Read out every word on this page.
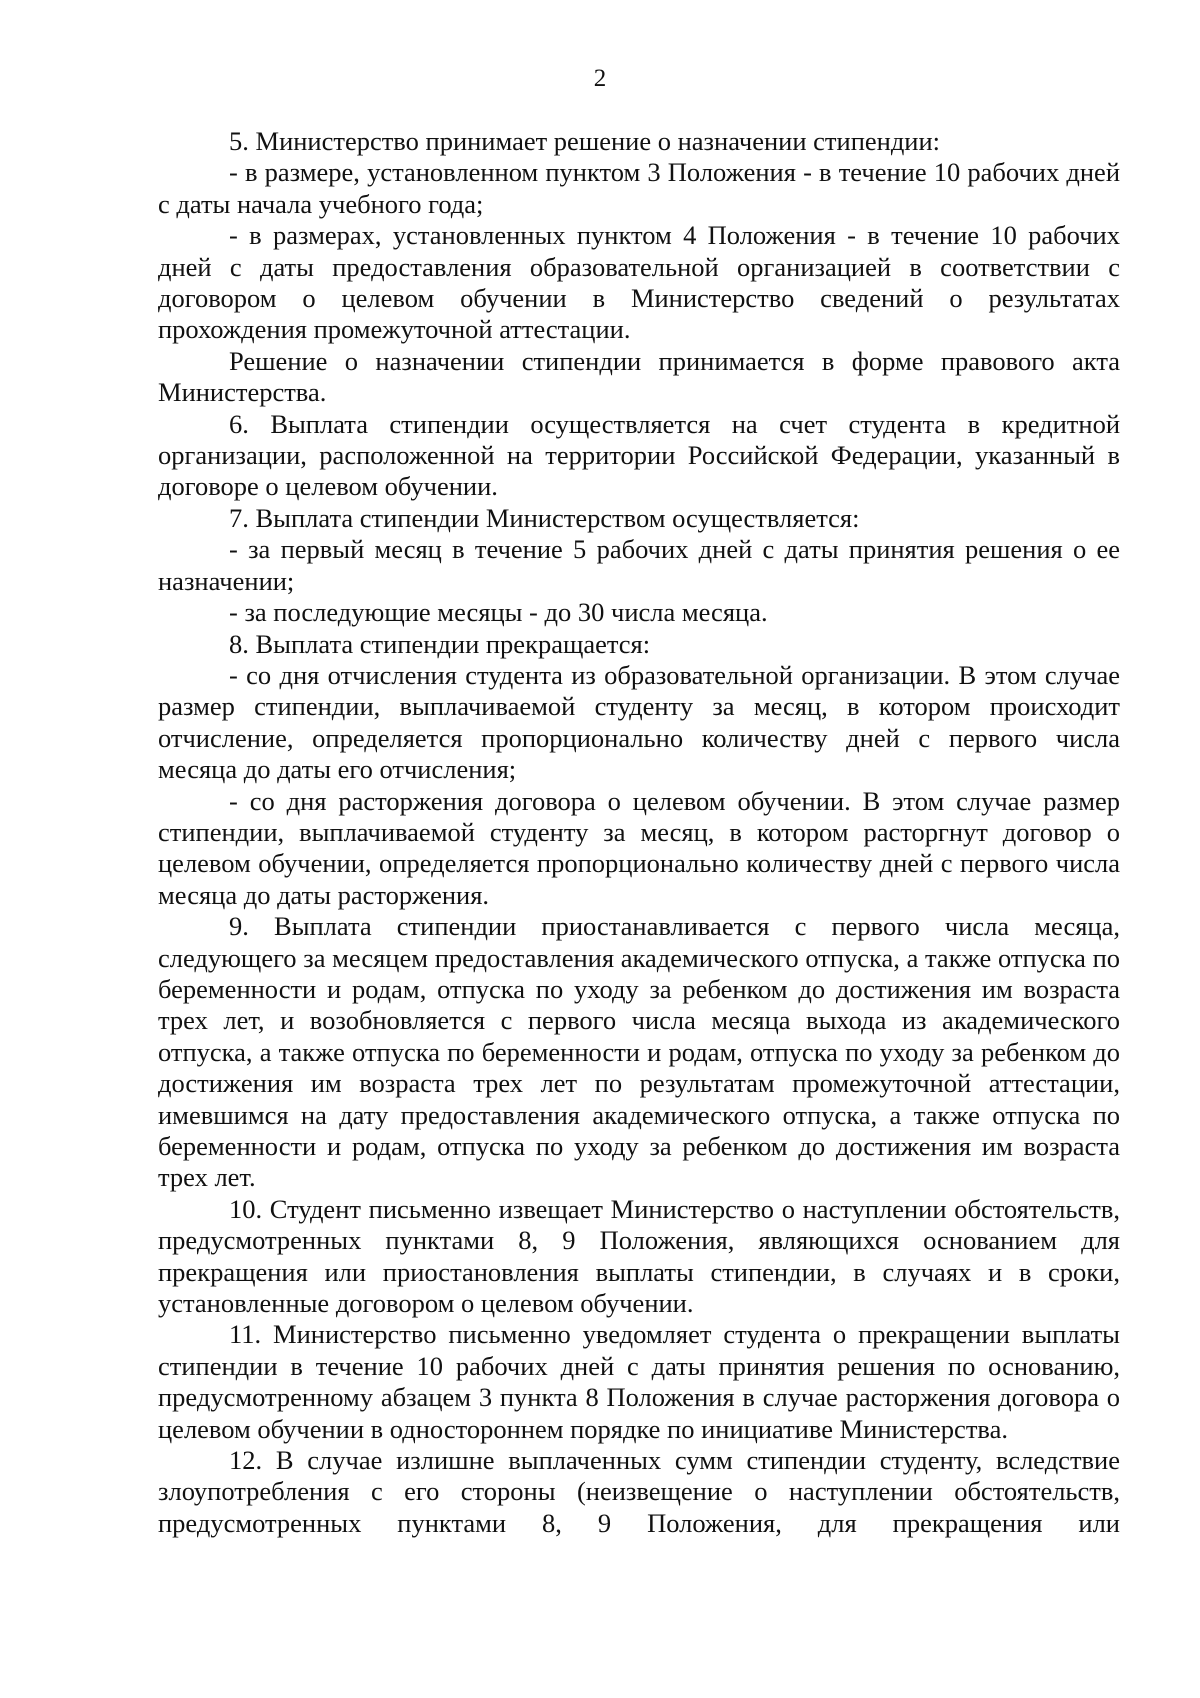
2

5. Министерство принимает решение о назначении стипендии:

- в размере, установленном пунктом 3 Положения - в течение 10 рабочих дней с даты начала учебного года;

- в размерах, установленных пунктом 4 Положения - в течение 10 рабочих дней с даты предоставления образовательной организацией в соответствии с договором о целевом обучении в Министерство сведений о результатах прохождения промежуточной аттестации.

Решение о назначении стипендии принимается в форме правового акта Министерства.

6. Выплата стипендии осуществляется на счет студента в кредитной организации, расположенной на территории Российской Федерации, указанный в договоре о целевом обучении.

7. Выплата стипендии Министерством осуществляется:

- за первый месяц в течение 5 рабочих дней с даты принятия решения о ее назначении;

- за последующие месяцы - до 30 числа месяца.

8. Выплата стипендии прекращается:

- со дня отчисления студента из образовательной организации. В этом случае размер стипендии, выплачиваемой студенту за месяц, в котором происходит отчисление, определяется пропорционально количеству дней с первого числа месяца до даты его отчисления;

- со дня расторжения договора о целевом обучении. В этом случае размер стипендии, выплачиваемой студенту за месяц, в котором расторгнут договор о целевом обучении, определяется пропорционально количеству дней с первого числа месяца до даты расторжения.

9. Выплата стипендии приостанавливается с первого числа месяца, следующего за месяцем предоставления академического отпуска, а также отпуска по беременности и родам, отпуска по уходу за ребенком до достижения им возраста трех лет, и возобновляется с первого числа месяца выхода из академического отпуска, а также отпуска по беременности и родам, отпуска по уходу за ребенком до достижения им возраста трех лет по результатам промежуточной аттестации, имевшимся на дату предоставления академического отпуска, а также отпуска по беременности и родам, отпуска по уходу за ребенком до достижения им возраста трех лет.

10. Студент письменно извещает Министерство о наступлении обстоятельств, предусмотренных пунктами 8, 9 Положения, являющихся основанием для прекращения или приостановления выплаты стипендии, в случаях и в сроки, установленные договором о целевом обучении.

11. Министерство письменно уведомляет студента о прекращении выплаты стипендии в течение 10 рабочих дней с даты принятия решения по основанию, предусмотренному абзацем 3 пункта 8 Положения в случае расторжения договора о целевом обучении в одностороннем порядке по инициативе Министерства.

12. В случае излишне выплаченных сумм стипендии студенту, вследствие злоупотребления с его стороны (неизвещение о наступлении обстоятельств, предусмотренных пунктами 8, 9 Положения, для прекращения или
